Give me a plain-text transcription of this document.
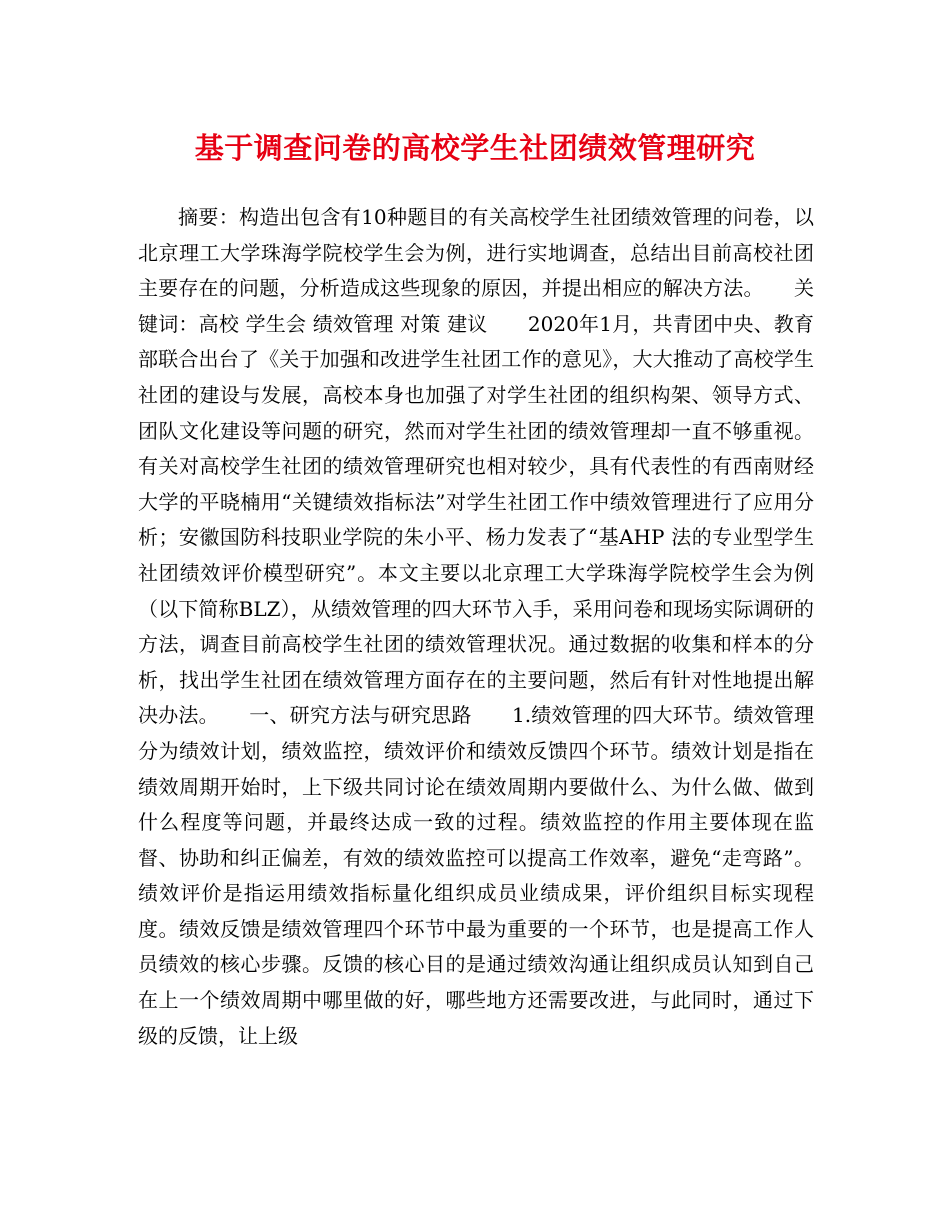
基于调查问卷的高校学生社团绩效管理研究

摘要：构造出包含有10种题目的有关高校学生社团绩效管理的问卷，以北京理工大学珠海学院校学生会为例，进行实地调查，总结出目前高校社团主要存在的问题，分析造成这些现象的原因，并提出相应的解决方法。　　关键词：高校 学生会 绩效管理 对策 建议　　2020年1月，共青团中央、教育部联合出台了《关于加强和改进学生社团工作的意见》，大大推动了高校学生社团的建设与发展，高校本身也加强了对学生社团的组织构架、领导方式、团队文化建设等问题的研究，然而对学生社团的绩效管理却一直不够重视。有关对高校学生社团的绩效管理研究也相对较少，具有代表性的有西南财经大学的平晓楠用“关键绩效指标法”对学生社团工作中绩效管理进行了应用分析；安徽国防科技职业学院的朱小平、杨力发表了“基AHP 法的专业型学生社团绩效评价模型研究”。本文主要以北京理工大学珠海学院校学生会为例（以下简称BLZ），从绩效管理的四大环节入手，采用问卷和现场实际调研的方法，调查目前高校学生社团的绩效管理状况。通过数据的收集和样本的分析，找出学生社团在绩效管理方面存在的主要问题，然后有针对性地提出解决办法。　　一、研究方法与研究思路　　1.绩效管理的四大环节。绩效管理分为绩效计划，绩效监控，绩效评价和绩效反馈四个环节。绩效计划是指在绩效周期开始时，上下级共同讨论在绩效周期内要做什么、为什么做、做到什么程度等问题，并最终达成一致的过程。绩效监控的作用主要体现在监督、协助和纠正偏差，有效的绩效监控可以提高工作效率，避免“走弯路”。绩效评价是指运用绩效指标量化组织成员业绩成果，评价组织目标实现程度。绩效反馈是绩效管理四个环节中最为重要的一个环节，也是提高工作人员绩效的核心步骤。反馈的核心目的是通过绩效沟通让组织成员认知到自己在上一个绩效周期中哪里做的好，哪些地方还需要改进，与此同时，通过下级的反馈，让上级
